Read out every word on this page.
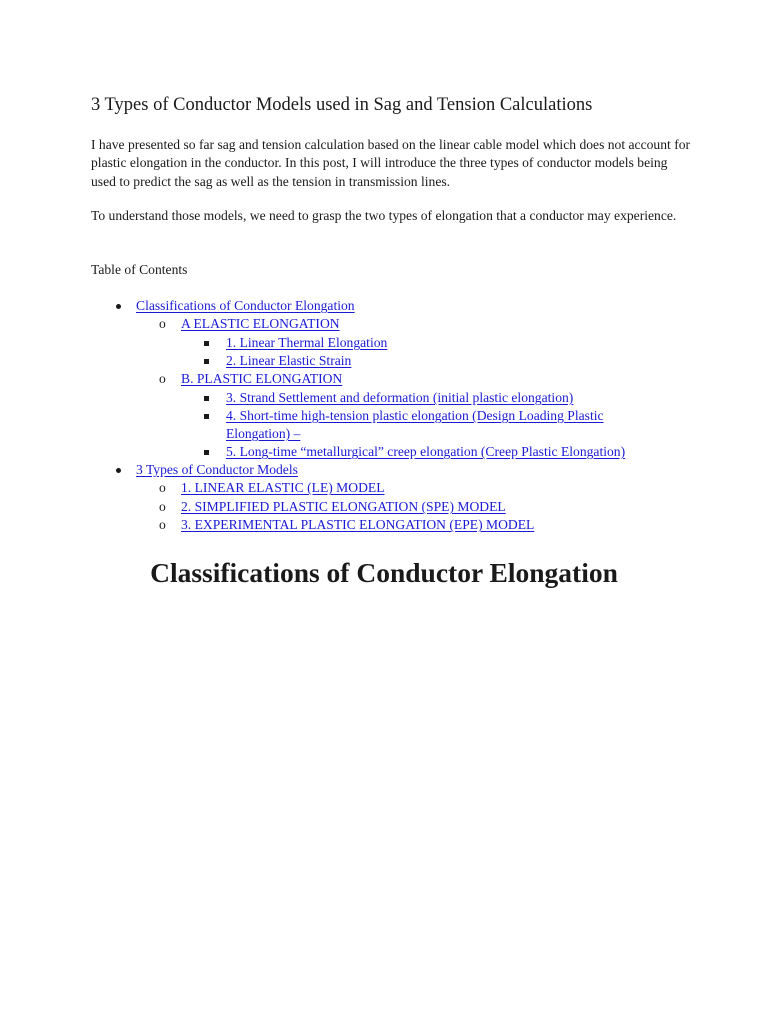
3 Types of Conductor Models used in Sag and Tension Calculations

I have presented so far sag and tension calculation based on the linear cable model which does not account for plastic elongation in the conductor. In this post, I will introduce the three types of conductor models being used to predict the sag as well as the tension in transmission lines.

To understand those models, we need to grasp the two types of elongation that a conductor may experience.

Table of Contents

Classifications of Conductor Elongation
o A ELASTIC ELONGATION
1. Linear Thermal Elongation
2. Linear Elastic Strain
o B. PLASTIC ELONGATION
3. Strand Settlement and deformation (initial plastic elongation)
4. Short-time high-tension plastic elongation (Design Loading Plastic
Elongation) –
5. Long-time “metallurgical” creep elongation (Creep Plastic Elongation)
3 Types of Conductor Models
o 1. LINEAR ELASTIC (LE) MODEL
o 2. SIMPLIFIED PLASTIC ELONGATION (SPE) MODEL
o 3. EXPERIMENTAL PLASTIC ELONGATION (EPE) MODEL
Classifications of Conductor Elongation
